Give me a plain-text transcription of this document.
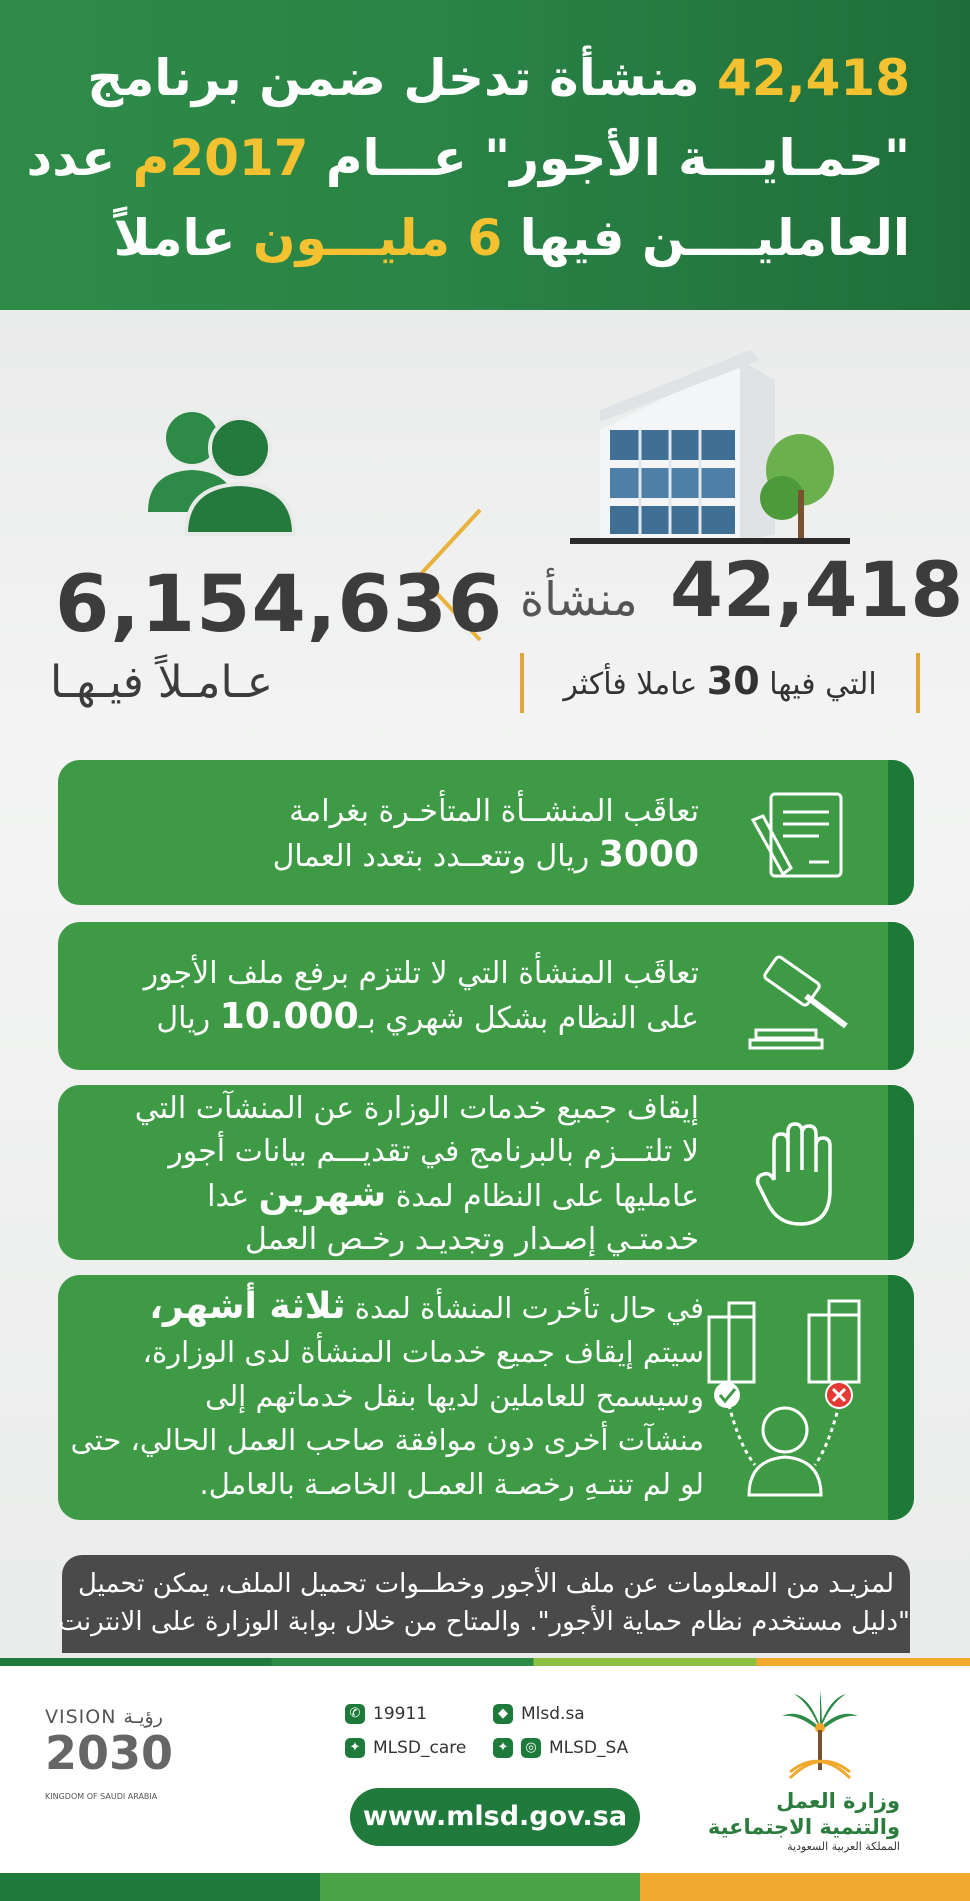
42,418 منشأة تدخل ضمن برنامج
"حمـايـــة الأجور" عـــام 2017م عدد
العامليــــن فيها 6 مليـــون عاملاً
6,154,636
عـامـلاً فيـهـا
42,418
منشأة
التي فيها 30 عاملا فأكثر
تعاقَب المنشــأة المتأخـرة بغرامة
3000 ريال وتتعــدد بتعدد العمال
تعاقَب المنشأة التي لا تلتزم برفع ملف الأجور
على النظام بشكل شهري بـ10.000 ريال
إيقاف جميع خدمات الوزارة عن المنشآت التي
لا تلتـــزم بالبرنامج في تقديـــم بيانات أجور
عامليها على النظام لمدة شهرين عدا
خدمتـي إصـدار وتجديـد رخـص العمل
في حال تأخرت المنشأة لمدة ثلاثة أشهر،
سيتم إيقاف جميع خدمات المنشأة لدى الوزارة،
وسيسمح للعاملين لديها بنقل خدماتهم إلى
منشآت أخرى دون موافقة صاحب العمل الحالي، حتى
لو لم تنتـهِ رخصـة العمـل الخاصـة بالعامل.
لمزيـد من المعلومات عن ملف الأجور وخطــوات تحميل الملف، يمكن تحميل
"دليل مستخدم نظام حماية الأجور". والمتاح من خلال بوابة الوزارة على الانترنت
VISION رؤيـة
2030
KINGDOM OF SAUDI ARABIA
✆ 19911	◆ Mlsd.sa
✦ MLSD_care	✦	◎ MLSD_SA
www.mlsd.gov.sa	وزارة العمل
والتنمية الاجتماعية
المملكة العربية السعودية
